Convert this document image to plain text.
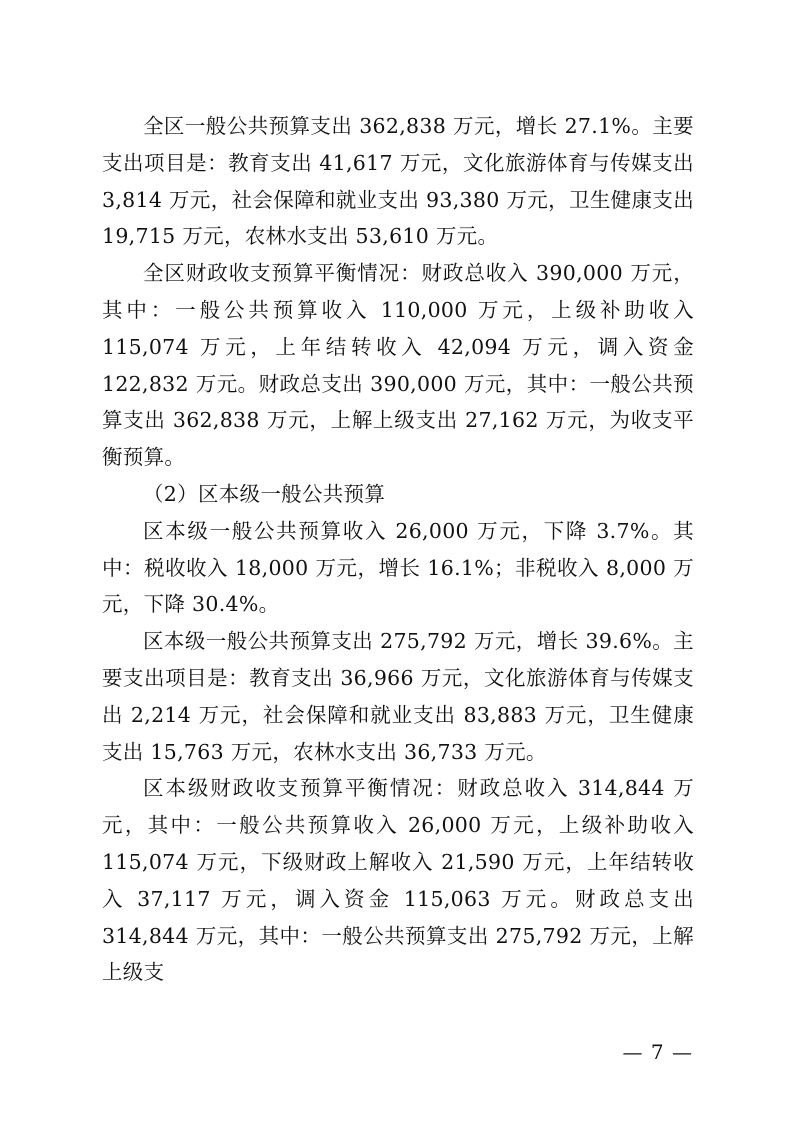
全区一般公共预算支出 362,838 万元，增长 27.1%。主要支出项目是：教育支出 41,617 万元，文化旅游体育与传媒支出 3,814 万元，社会保障和就业支出 93,380 万元，卫生健康支出 19,715 万元，农林水支出 53,610 万元。

全区财政收支预算平衡情况：财政总收入 390,000 万元，其中：一般公共预算收入 110,000 万元，上级补助收入 115,074 万元，上年结转收入 42,094 万元，调入资金 122,832 万元。财政总支出 390,000 万元，其中：一般公共预算支出 362,838 万元，上解上级支出 27,162 万元，为收支平衡预算。

（2）区本级一般公共预算

区本级一般公共预算收入 26,000 万元，下降 3.7%。其中：税收收入 18,000 万元，增长 16.1%；非税收入 8,000 万元，下降 30.4%。

区本级一般公共预算支出 275,792 万元，增长 39.6%。主要支出项目是：教育支出 36,966 万元，文化旅游体育与传媒支出 2,214 万元，社会保障和就业支出 83,883 万元，卫生健康支出 15,763 万元，农林水支出 36,733 万元。

区本级财政收支预算平衡情况：财政总收入 314,844 万元，其中：一般公共预算收入 26,000 万元，上级补助收入 115,074 万元，下级财政上解收入 21,590 万元，上年结转收入 37,117 万元，调入资金 115,063 万元。财政总支出 314,844 万元，其中：一般公共预算支出 275,792 万元，上解上级支

— 7 —
